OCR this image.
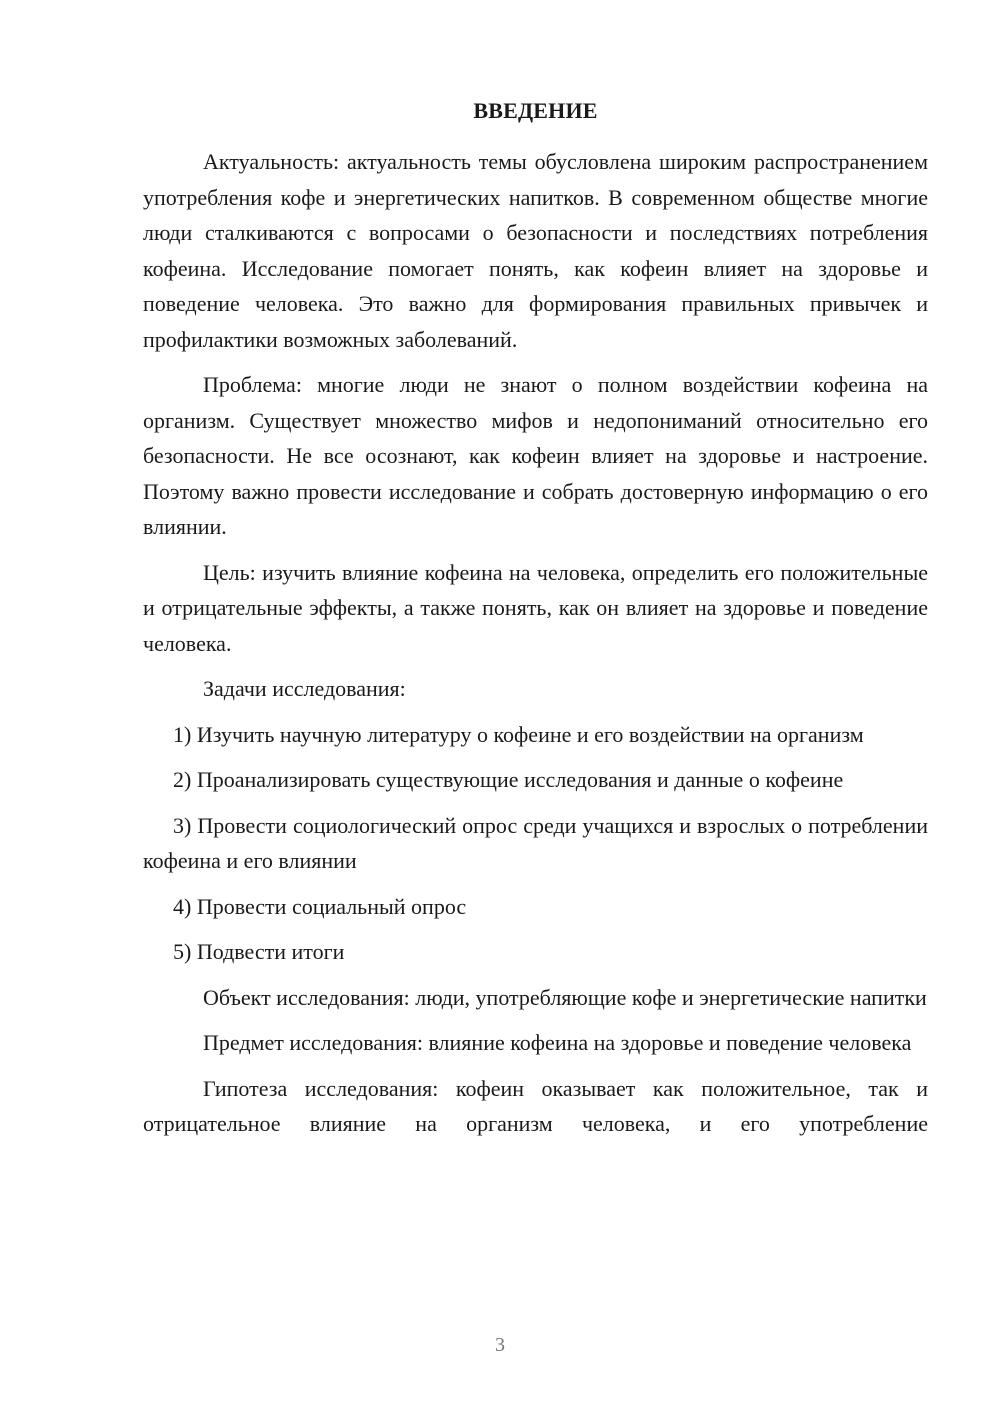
ВВЕДЕНИЕ

Актуальность: актуальность темы обусловлена широким распространением употребления кофе и энергетических напитков. В современном обществе многие люди сталкиваются с вопросами о безопасности и последствиях потребления кофеина. Исследование помогает понять, как кофеин влияет на здоровье и поведение человека. Это важно для формирования правильных привычек и профилактики возможных заболеваний.

Проблема: многие люди не знают о полном воздействии кофеина на организм. Существует множество мифов и недопониманий относительно его безопасности. Не все осознают, как кофеин влияет на здоровье и настроение. Поэтому важно провести исследование и собрать достоверную информацию о его влиянии.

Цель: изучить влияние кофеина на человека, определить его положительные и отрицательные эффекты, а также понять, как он влияет на здоровье и поведение человека.

Задачи исследования:

1) Изучить научную литературу о кофеине и его воздействии на организм

2) Проанализировать существующие исследования и данные о кофеине

3) Провести социологический опрос среди учащихся и взрослых о потреблении кофеина и его влиянии

4) Провести социальный опрос

5) Подвести итоги

Объект исследования: люди, употребляющие кофе и энергетические напитки

Предмет исследования: влияние кофеина на здоровье и поведение человека

Гипотеза исследования: кофеин оказывает как положительное, так и отрицательное влияние на организм человека, и его употребление

3
